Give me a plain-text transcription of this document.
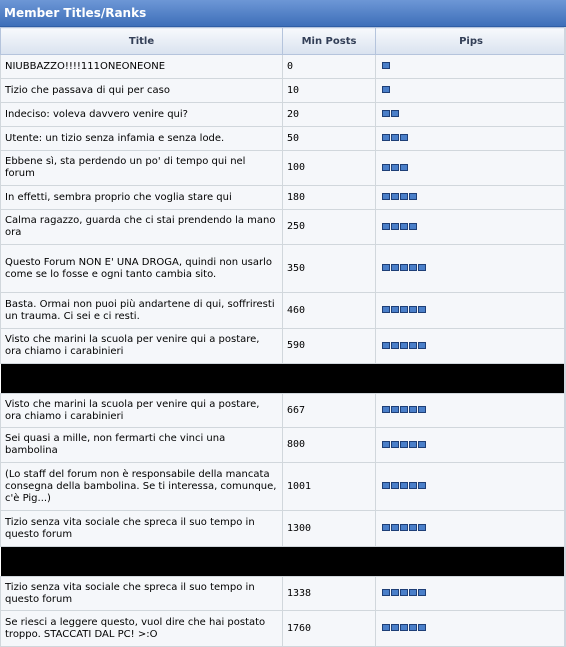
Member Titles/Ranks
Title	Min Posts	Pips
NIUBBAZZO!!!!111ONEONEONE	0	
Tizio che passava di qui per caso	10	
Indeciso: voleva davvero venire qui?	20	
Utente: un tizio senza infamia e senza lode.	50	
Ebbene sì, sta perdendo un po' di tempo qui nel forum	100	
In effetti, sembra proprio che voglia stare qui	180	
Calma ragazzo, guarda che ci stai prendendo la mano ora	250	
Questo Forum NON E' UNA DROGA, quindi non usarlo come se lo fosse e ogni tanto cambia sito.	350	
Basta. Ormai non puoi più andartene di qui, soffriresti un trauma. Ci sei e ci resti.	460	
Visto che marini la scuola per venire qui a postare, ora chiamo i carabinieri	590	

Visto che marini la scuola per venire qui a postare, ora chiamo i carabinieri	667	
Sei quasi a mille, non fermarti che vinci una bambolina	800	
(Lo staff del forum non è responsabile della mancata consegna della bambolina. Se ti interessa, comunque, c'è Pig...)	1001	
Tizio senza vita sociale che spreca il suo tempo in questo forum	1300	

Tizio senza vita sociale che spreca il suo tempo in questo forum	1338	
Se riesci a leggere questo, vuol dire che hai postato troppo. STACCATI DAL PC! >:O	1760	
